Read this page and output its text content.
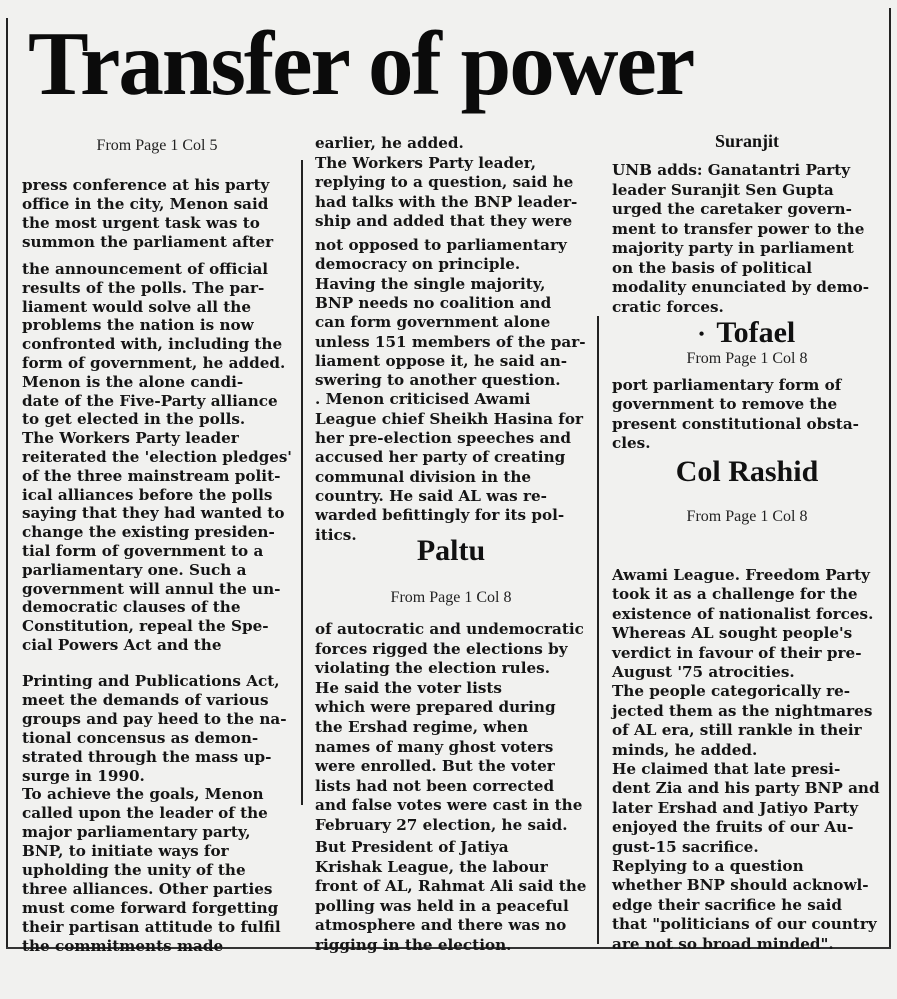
Transfer of power
From Page 1 Col 5
press conference at his party
office in the city, Menon said
the most urgent task was to
summon the parliament after
the announcement of official
results of the polls. The par-
liament would solve all the
problems the nation is now
confronted with, including the
form of government, he added.
Menon is the alone candi-
date of the Five-Party alliance
to get elected in the polls.
The Workers Party leader
reiterated the 'election pledges'
of the three mainstream polit-
ical alliances before the polls
saying that they had wanted to
change the existing presiden-
tial form of government to a
parliamentary one. Such a
government will annul the un-
democratic clauses of the
Constitution, repeal the Spe-
cial Powers Act and the
Printing and Publications Act,
meet the demands of various
groups and pay heed to the na-
tional concensus as demon-
strated through the mass up-
surge in 1990.
To achieve the goals, Menon
called upon the leader of the
major parliamentary party,
BNP, to initiate ways for
upholding the unity of the
three alliances. Other parties
must come forward forgetting
their partisan attitude to fulfil
the commitments made
earlier, he added.
The Workers Party leader,
replying to a question, said he
had talks with the BNP leader-
ship and added that they were
not opposed to parliamentary
democracy on principle.
Having the single majority,
BNP needs no coalition and
can form government alone
unless 151 members of the par-
liament oppose it, he said an-
swering to another question.
. Menon criticised Awami
League chief Sheikh Hasina for
her pre-election speeches and
accused her party of creating
communal division in the
country. He said AL was re-
warded befittingly for its pol-
itics.	Paltu
From Page 1 Col 8
of autocratic and undemocratic
forces rigged the elections by
violating the election rules.
He said the voter lists
which were prepared during
the Ershad regime, when
names of many ghost voters
were enrolled. But the voter
lists had not been corrected
and false votes were cast in the
February 27 election, he said.
But President of Jatiya
Krishak League, the labour
front of AL, Rahmat Ali said the
polling was held in a peaceful
atmosphere and there was no
rigging in the election.
Suranjit
UNB adds: Ganatantri Party
leader Suranjit Sen Gupta
urged the caretaker govern-
ment to transfer power to the
majority party in parliament
on the basis of political
modality enunciated by demo-
cratic forces.
• Tofael
From Page 1 Col 8
port parliamentary form of
government to remove the
present constitutional obsta-
cles.
Col Rashid
From Page 1 Col 8
Awami League. Freedom Party
took it as a challenge for the
existence of nationalist forces.
Whereas AL sought people's
verdict in favour of their pre-
August '75 atrocities.
The people categorically re-
jected them as the nightmares
of AL era, still rankle in their
minds, he added.
He claimed that late presi-
dent Zia and his party BNP and
later Ershad and Jatiyo Party
enjoyed the fruits of our Au-
gust-15 sacrifice.
Replying to a question
whether BNP should acknowl-
edge their sacrifice he said
that "politicians of our country
are not so broad minded".
